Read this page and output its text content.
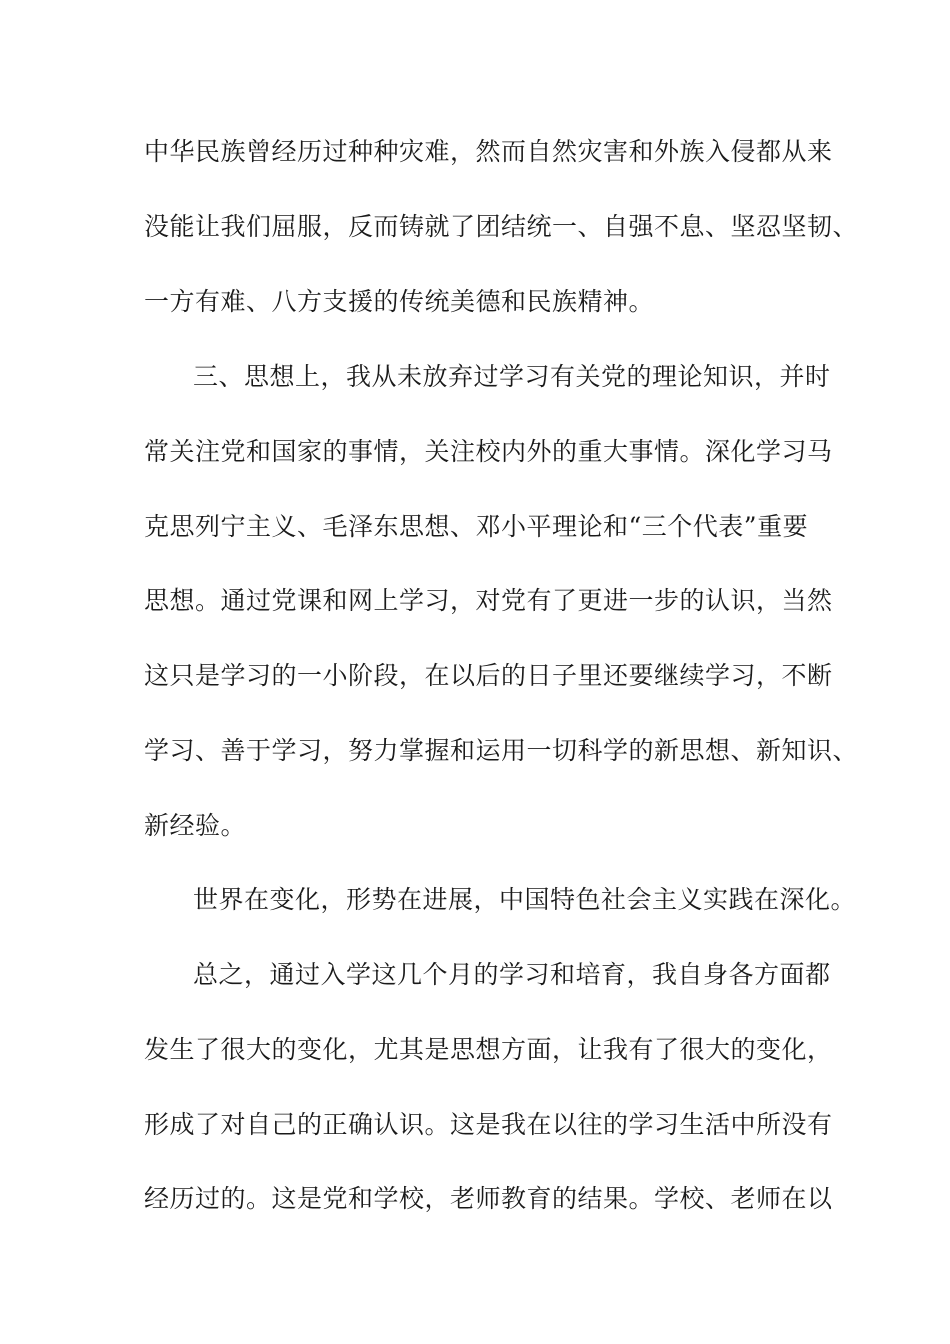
中华民族曾经历过种种灾难，然而自然灾害和外族入侵都从来
没能让我们屈服，反而铸就了团结统一、自强不息、坚忍坚韧、
一方有难、八方支援的传统美德和民族精神。
三、思想上，我从未放弃过学习有关党的理论知识，并时
常关注党和国家的事情，关注校内外的重大事情。深化学习马
克思列宁主义、毛泽东思想、邓小平理论和“三个代表”重要
思想。通过党课和网上学习，对党有了更进一步的认识，当然
这只是学习的一小阶段，在以后的日子里还要继续学习，不断
学习、善于学习，努力掌握和运用一切科学的新思想、新知识、
新经验。
世界在变化，形势在进展，中国特色社会主义实践在深化。
总之，通过入学这几个月的学习和培育，我自身各方面都
发生了很大的变化，尤其是思想方面，让我有了很大的变化，
形成了对自己的正确认识。这是我在以往的学习生活中所没有
经历过的。这是党和学校，老师教育的结果。学校、老师在以
